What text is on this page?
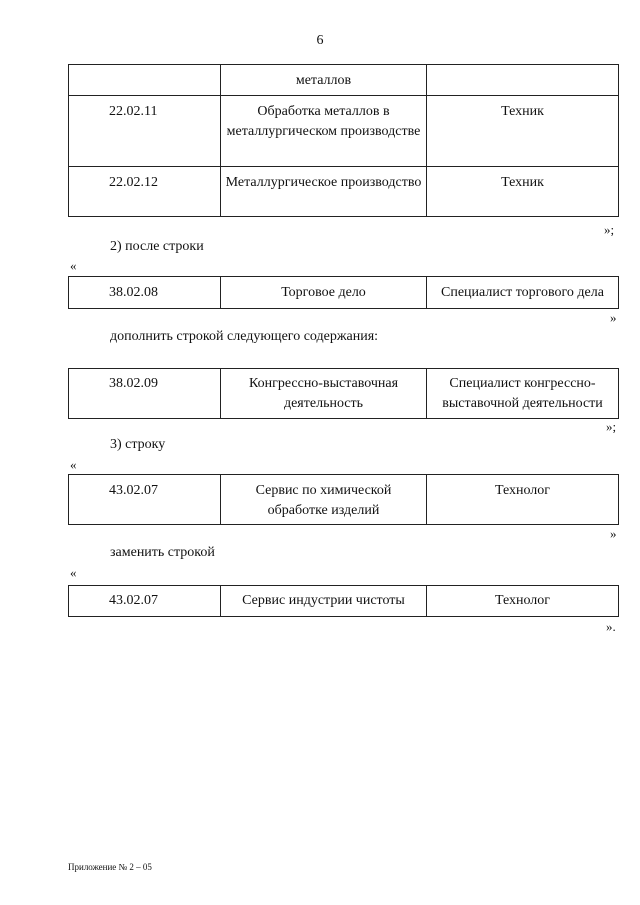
6
	металлов	
22.02.11	Обработка металлов в металлургическом производстве	Техник
22.02.12	Металлургическое производство	Техник
»;
2) после строки
«
38.02.08	Торговое дело	Специалист торгового дела
»
дополнить строкой следующего содержания:
38.02.09	Конгрессно-выставочная деятельность	Специалист конгрессно-выставочной деятельности
»;
3) строку
«
43.02.07	Сервис по химической обработке изделий	Технолог
»
заменить строкой
«
43.02.07	Сервис индустрии чистоты	Технолог
».
Приложение № 2 – 05
